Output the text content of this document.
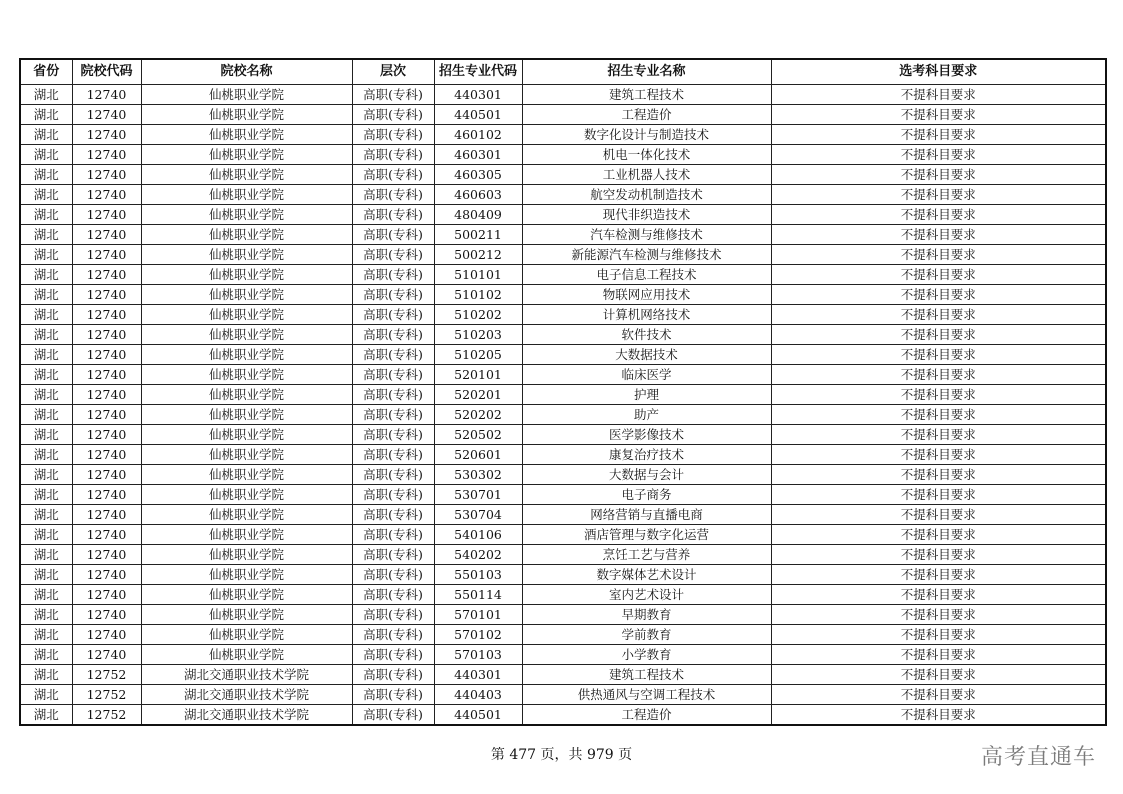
省份	院校代码	院校名称	层次	招生专业代码	招生专业名称	选考科目要求
湖北	12740	仙桃职业学院	高职(专科)	440301	建筑工程技术	不提科目要求
湖北	12740	仙桃职业学院	高职(专科)	440501	工程造价	不提科目要求
湖北	12740	仙桃职业学院	高职(专科)	460102	数字化设计与制造技术	不提科目要求
湖北	12740	仙桃职业学院	高职(专科)	460301	机电一体化技术	不提科目要求
湖北	12740	仙桃职业学院	高职(专科)	460305	工业机器人技术	不提科目要求
湖北	12740	仙桃职业学院	高职(专科)	460603	航空发动机制造技术	不提科目要求
湖北	12740	仙桃职业学院	高职(专科)	480409	现代非织造技术	不提科目要求
湖北	12740	仙桃职业学院	高职(专科)	500211	汽车检测与维修技术	不提科目要求
湖北	12740	仙桃职业学院	高职(专科)	500212	新能源汽车检测与维修技术	不提科目要求
湖北	12740	仙桃职业学院	高职(专科)	510101	电子信息工程技术	不提科目要求
湖北	12740	仙桃职业学院	高职(专科)	510102	物联网应用技术	不提科目要求
湖北	12740	仙桃职业学院	高职(专科)	510202	计算机网络技术	不提科目要求
湖北	12740	仙桃职业学院	高职(专科)	510203	软件技术	不提科目要求
湖北	12740	仙桃职业学院	高职(专科)	510205	大数据技术	不提科目要求
湖北	12740	仙桃职业学院	高职(专科)	520101	临床医学	不提科目要求
湖北	12740	仙桃职业学院	高职(专科)	520201	护理	不提科目要求
湖北	12740	仙桃职业学院	高职(专科)	520202	助产	不提科目要求
湖北	12740	仙桃职业学院	高职(专科)	520502	医学影像技术	不提科目要求
湖北	12740	仙桃职业学院	高职(专科)	520601	康复治疗技术	不提科目要求
湖北	12740	仙桃职业学院	高职(专科)	530302	大数据与会计	不提科目要求
湖北	12740	仙桃职业学院	高职(专科)	530701	电子商务	不提科目要求
湖北	12740	仙桃职业学院	高职(专科)	530704	网络营销与直播电商	不提科目要求
湖北	12740	仙桃职业学院	高职(专科)	540106	酒店管理与数字化运营	不提科目要求
湖北	12740	仙桃职业学院	高职(专科)	540202	烹饪工艺与营养	不提科目要求
湖北	12740	仙桃职业学院	高职(专科)	550103	数字媒体艺术设计	不提科目要求
湖北	12740	仙桃职业学院	高职(专科)	550114	室内艺术设计	不提科目要求
湖北	12740	仙桃职业学院	高职(专科)	570101	早期教育	不提科目要求
湖北	12740	仙桃职业学院	高职(专科)	570102	学前教育	不提科目要求
湖北	12740	仙桃职业学院	高职(专科)	570103	小学教育	不提科目要求
湖北	12752	湖北交通职业技术学院	高职(专科)	440301	建筑工程技术	不提科目要求
湖北	12752	湖北交通职业技术学院	高职(专科)	440403	供热通风与空调工程技术	不提科目要求
湖北	12752	湖北交通职业技术学院	高职(专科)	440501	工程造价	不提科目要求
第 477 页，共 979 页	高考直通车
